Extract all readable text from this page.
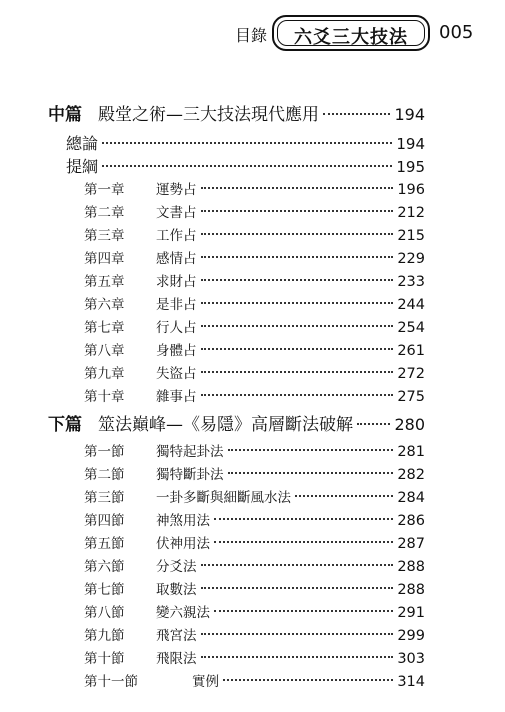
目錄	六爻三大技法	005
中篇 殿堂之術—三大技法現代應用	194
總論	194
提綱	195
第一章	運勢占	196
第二章	文書占	212
第三章	工作占	215
第四章	感情占	229
第五章	求財占	233
第六章	是非占	244
第七章	行人占	254
第八章	身體占	261
第九章	失盜占	272
第十章	雜事占	275
下篇 筮法巔峰—《易隱》高層斷法破解	280
第一節	獨特起卦法	281
第二節	獨特斷卦法	282
第三節	一卦多斷與細斷風水法	284
第四節	神煞用法	286
第五節	伏神用法	287
第六節	分爻法	288
第七節	取數法	288
第八節	變六親法	291
第九節	飛宮法	299
第十節	飛限法	303
第十一節	實例	314
